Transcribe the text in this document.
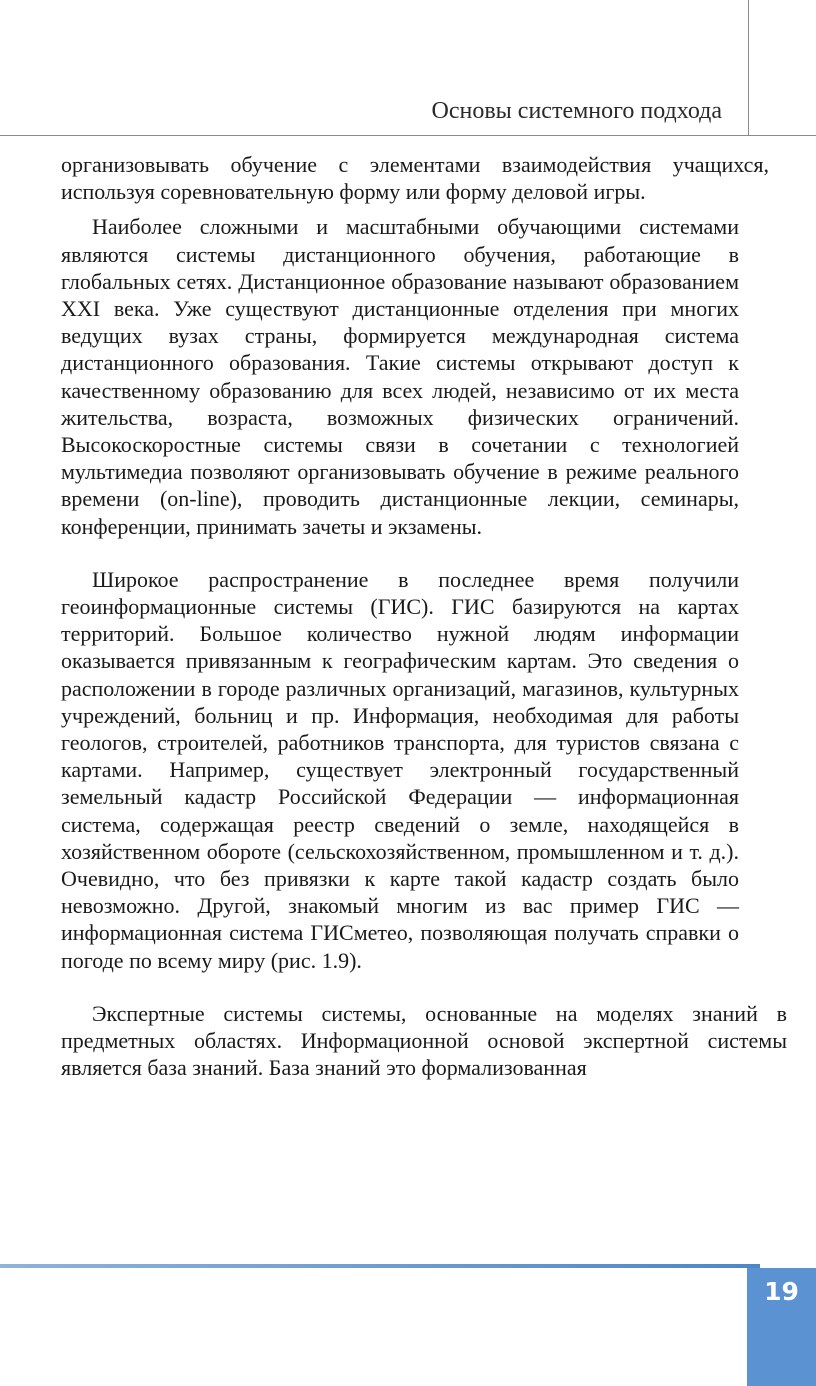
Основы системного подхода

организовывать обучение с элементами взаимодействия учащихся, используя соревновательную форму или форму деловой игры.

Наиболее сложными и масштабными обучающими системами являются системы дистанционного обучения, работающие в глобальных сетях. Дистанционное образование называют образованием XXI века. Уже существуют дистанционные отделения при многих ведущих вузах страны, формируется международная система дистанционного образования. Такие системы открывают доступ к качественному образованию для всех людей, независимо от их места жительства, возраста, возможных физических ограничений. Высокоскоростные системы связи в сочетании с технологией мультимедиа позволяют организовывать обучение в режиме реального времени (on-line), проводить дистанционные лекции, семинары, конференции, принимать зачеты и экзамены.

Широкое распространение в последнее время получили геоинформационные системы (ГИС). ГИС базируются на картах территорий. Большое количество нужной людям информации оказывается привязанным к географическим картам. Это сведения о расположении в городе различных организаций, магазинов, культурных учреждений, больниц и пр. Информация, необходимая для работы геологов, строителей, работников транспорта, для туристов связана с картами. Например, существует электронный государственный земельный кадастр Российской Федерации — информационная система, содержащая реестр сведений о земле, находящейся в хозяйственном обороте (сельскохозяйственном, промышленном и т. д.). Очевидно, что без привязки к карте такой кадастр создать было невозможно. Другой, знакомый многим из вас пример ГИС — информационная система ГИСметео, позволяющая получать справки о погоде по всему миру (рис. 1.9).

Экспертные системы системы, основанные на моделях знаний в предметных областях. Информационной основой экспертной системы является база знаний. База знаний это формализованная

19
